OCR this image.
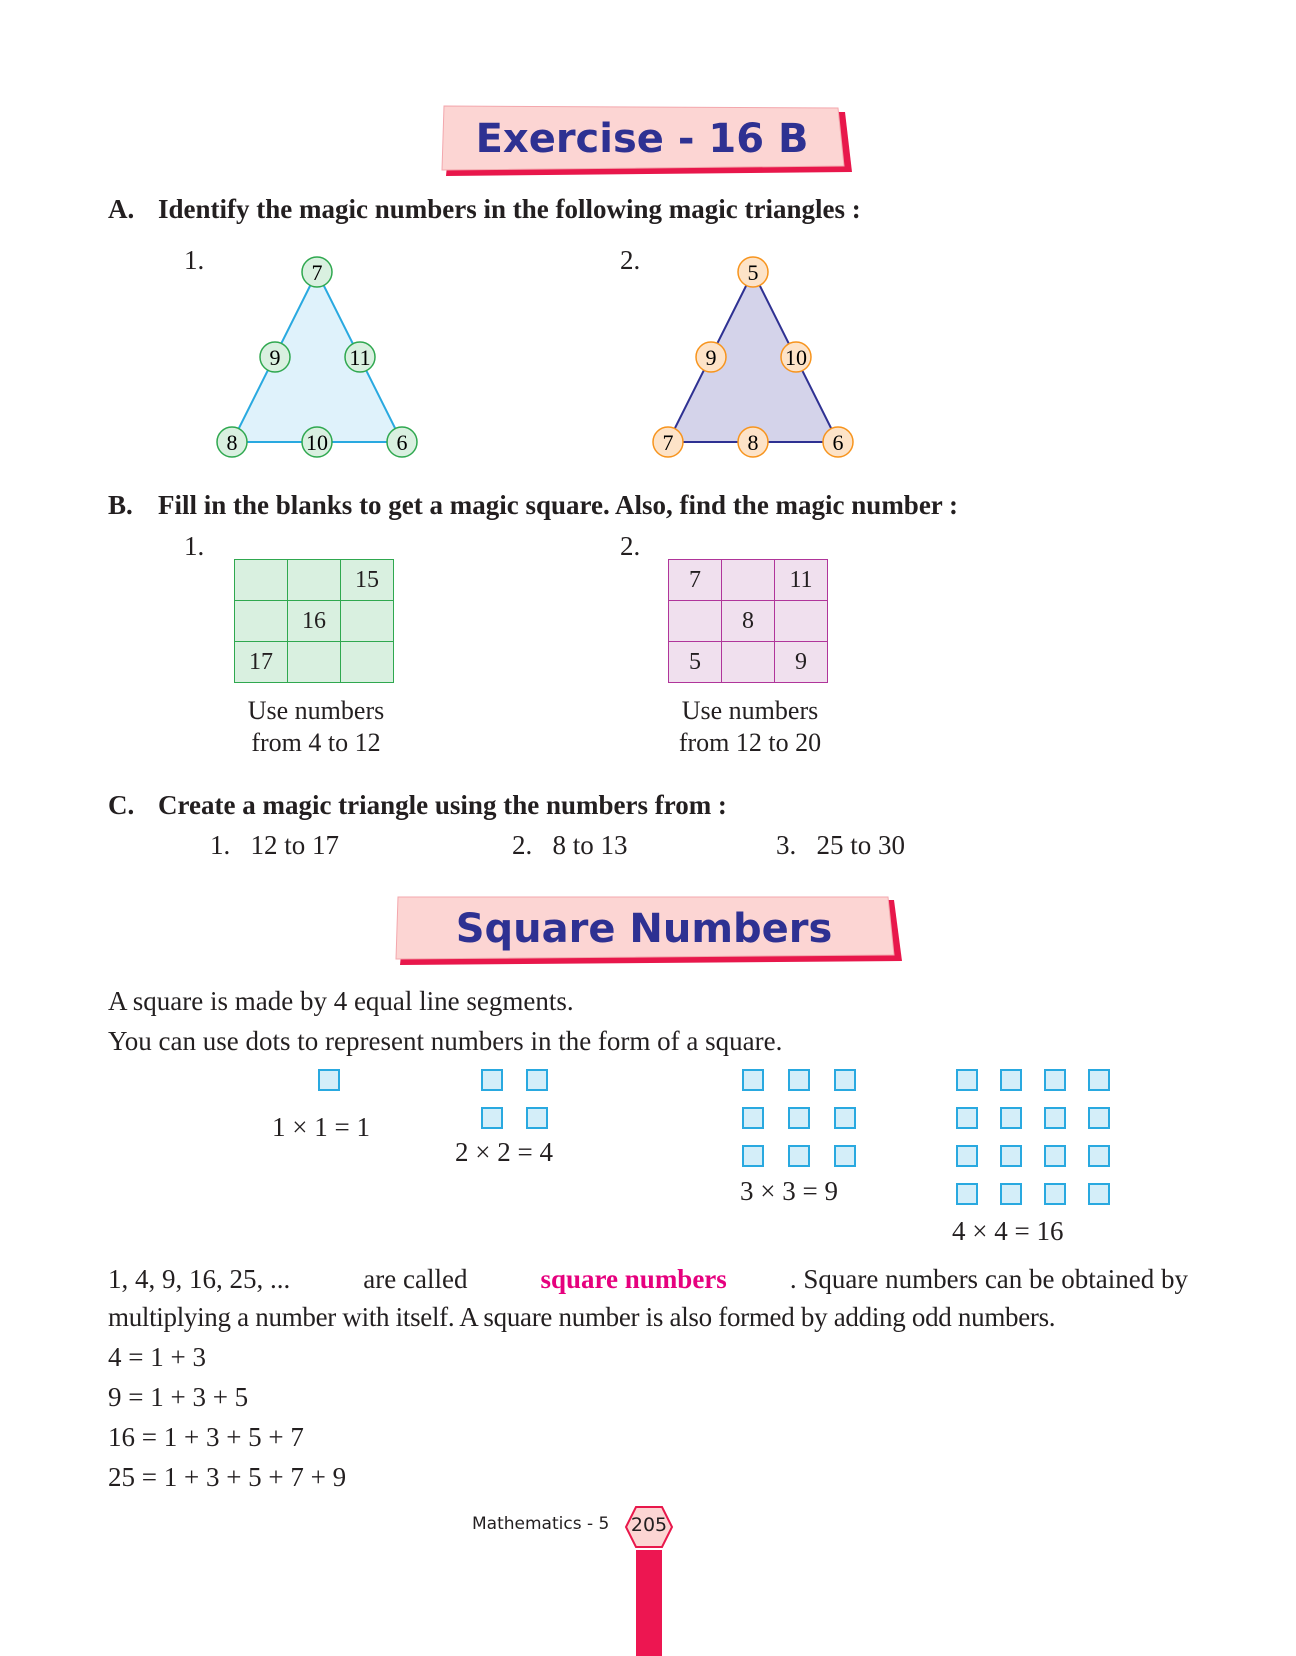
Exercise - 16 B
A. Identify the magic numbers in the following magic triangles :
1.	2.
7
9	11
8	10	6
5
9	10
7	8	6
B. Fill in the blanks to get a magic square. Also, find the magic number :
1.	2.
		15
	16	
17		
7		11
	8	
5		9
Use numbers
from 4 to 12
Use numbers
from 12 to 20
C. Create a magic triangle using the numbers from :
1. 12 to 17	2. 8 to 13	3. 25 to 30
Square Numbers
A square is made by 4 equal line segments.
You can use dots to represent numbers in the form of a square.
1 × 1 = 1
2 × 2 = 4
3 × 3 = 9
4 × 4 = 16
1, 4, 9, 16, 25, ...	are called	square numbers . Square numbers can be obtained by
multiplying a number with itself. A square number is also formed by adding odd numbers.
4 = 1 + 3
9 = 1 + 3 + 5
16 = 1 + 3 + 5 + 7
25 = 1 + 3 + 5 + 7 + 9
Mathematics - 5	205
